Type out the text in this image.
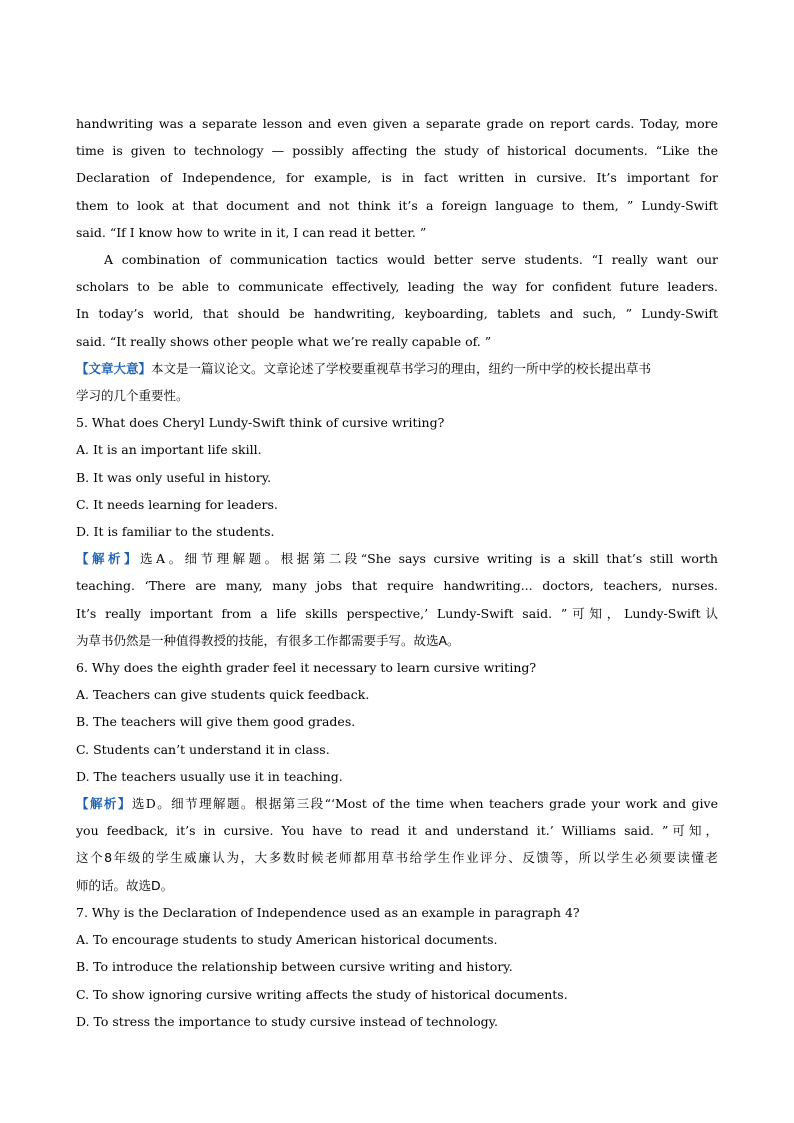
handwriting was a separate lesson and even given a separate grade on report cards. Today, more
time is given to technology — possibly affecting the study of historical documents. “Like the
Declaration of Independence, for example, is in fact written in cursive. It’s important for
them to look at that document and not think it’s a foreign language to them, ” Lundy-Swift
said. “If I know how to write in it, I can read it better. ”
A combination of communication tactics would better serve students. “I really want our
scholars to be able to communicate effectively, leading the way for confident future leaders.
In today’s world, that should be handwriting, keyboarding, tablets and such, ” Lundy-Swift
said. “It really shows other people what we’re really capable of. ”
【文章大意】本文是一篇议论文。文章论述了学校要重视草书学习的理由，纽约一所中学的校长提出草书
学习的几个重要性。
5. What does Cheryl Lundy-Swift think of cursive writing?
A. It is an important life skill.
B. It was only useful in history.
C. It needs learning for leaders.
D. It is familiar to the students.
【解析】选A。细节理解题。根据第二段“She says cursive writing is a skill that’s still worth
teaching. ‘There are many, many jobs that require handwriting... doctors, teachers, nurses.
It’s really important from a life skills perspective,’ Lundy-Swift said. ”可知，Lundy-Swift认
为草书仍然是一种值得教授的技能，有很多工作都需要手写。故选A。
6. Why does the eighth grader feel it necessary to learn cursive writing?
A. Teachers can give students quick feedback.
B. The teachers will give them good grades.
C. Students can’t understand it in class.
D. The teachers usually use it in teaching.
【解析】选D。细节理解题。根据第三段“‘Most of the time when teachers grade your work and give
you feedback, it’s in cursive. You have to read it and understand it.’ Williams said. ”可知，
这个8年级的学生威廉认为，大多数时候老师都用草书给学生作业评分、反馈等，所以学生必须要读懂老
师的话。故选D。
7. Why is the Declaration of Independence used as an example in paragraph 4?
A. To encourage students to study American historical documents.
B. To introduce the relationship between cursive writing and history.
C. To show ignoring cursive writing affects the study of historical documents.
D. To stress the importance to study cursive instead of technology.
